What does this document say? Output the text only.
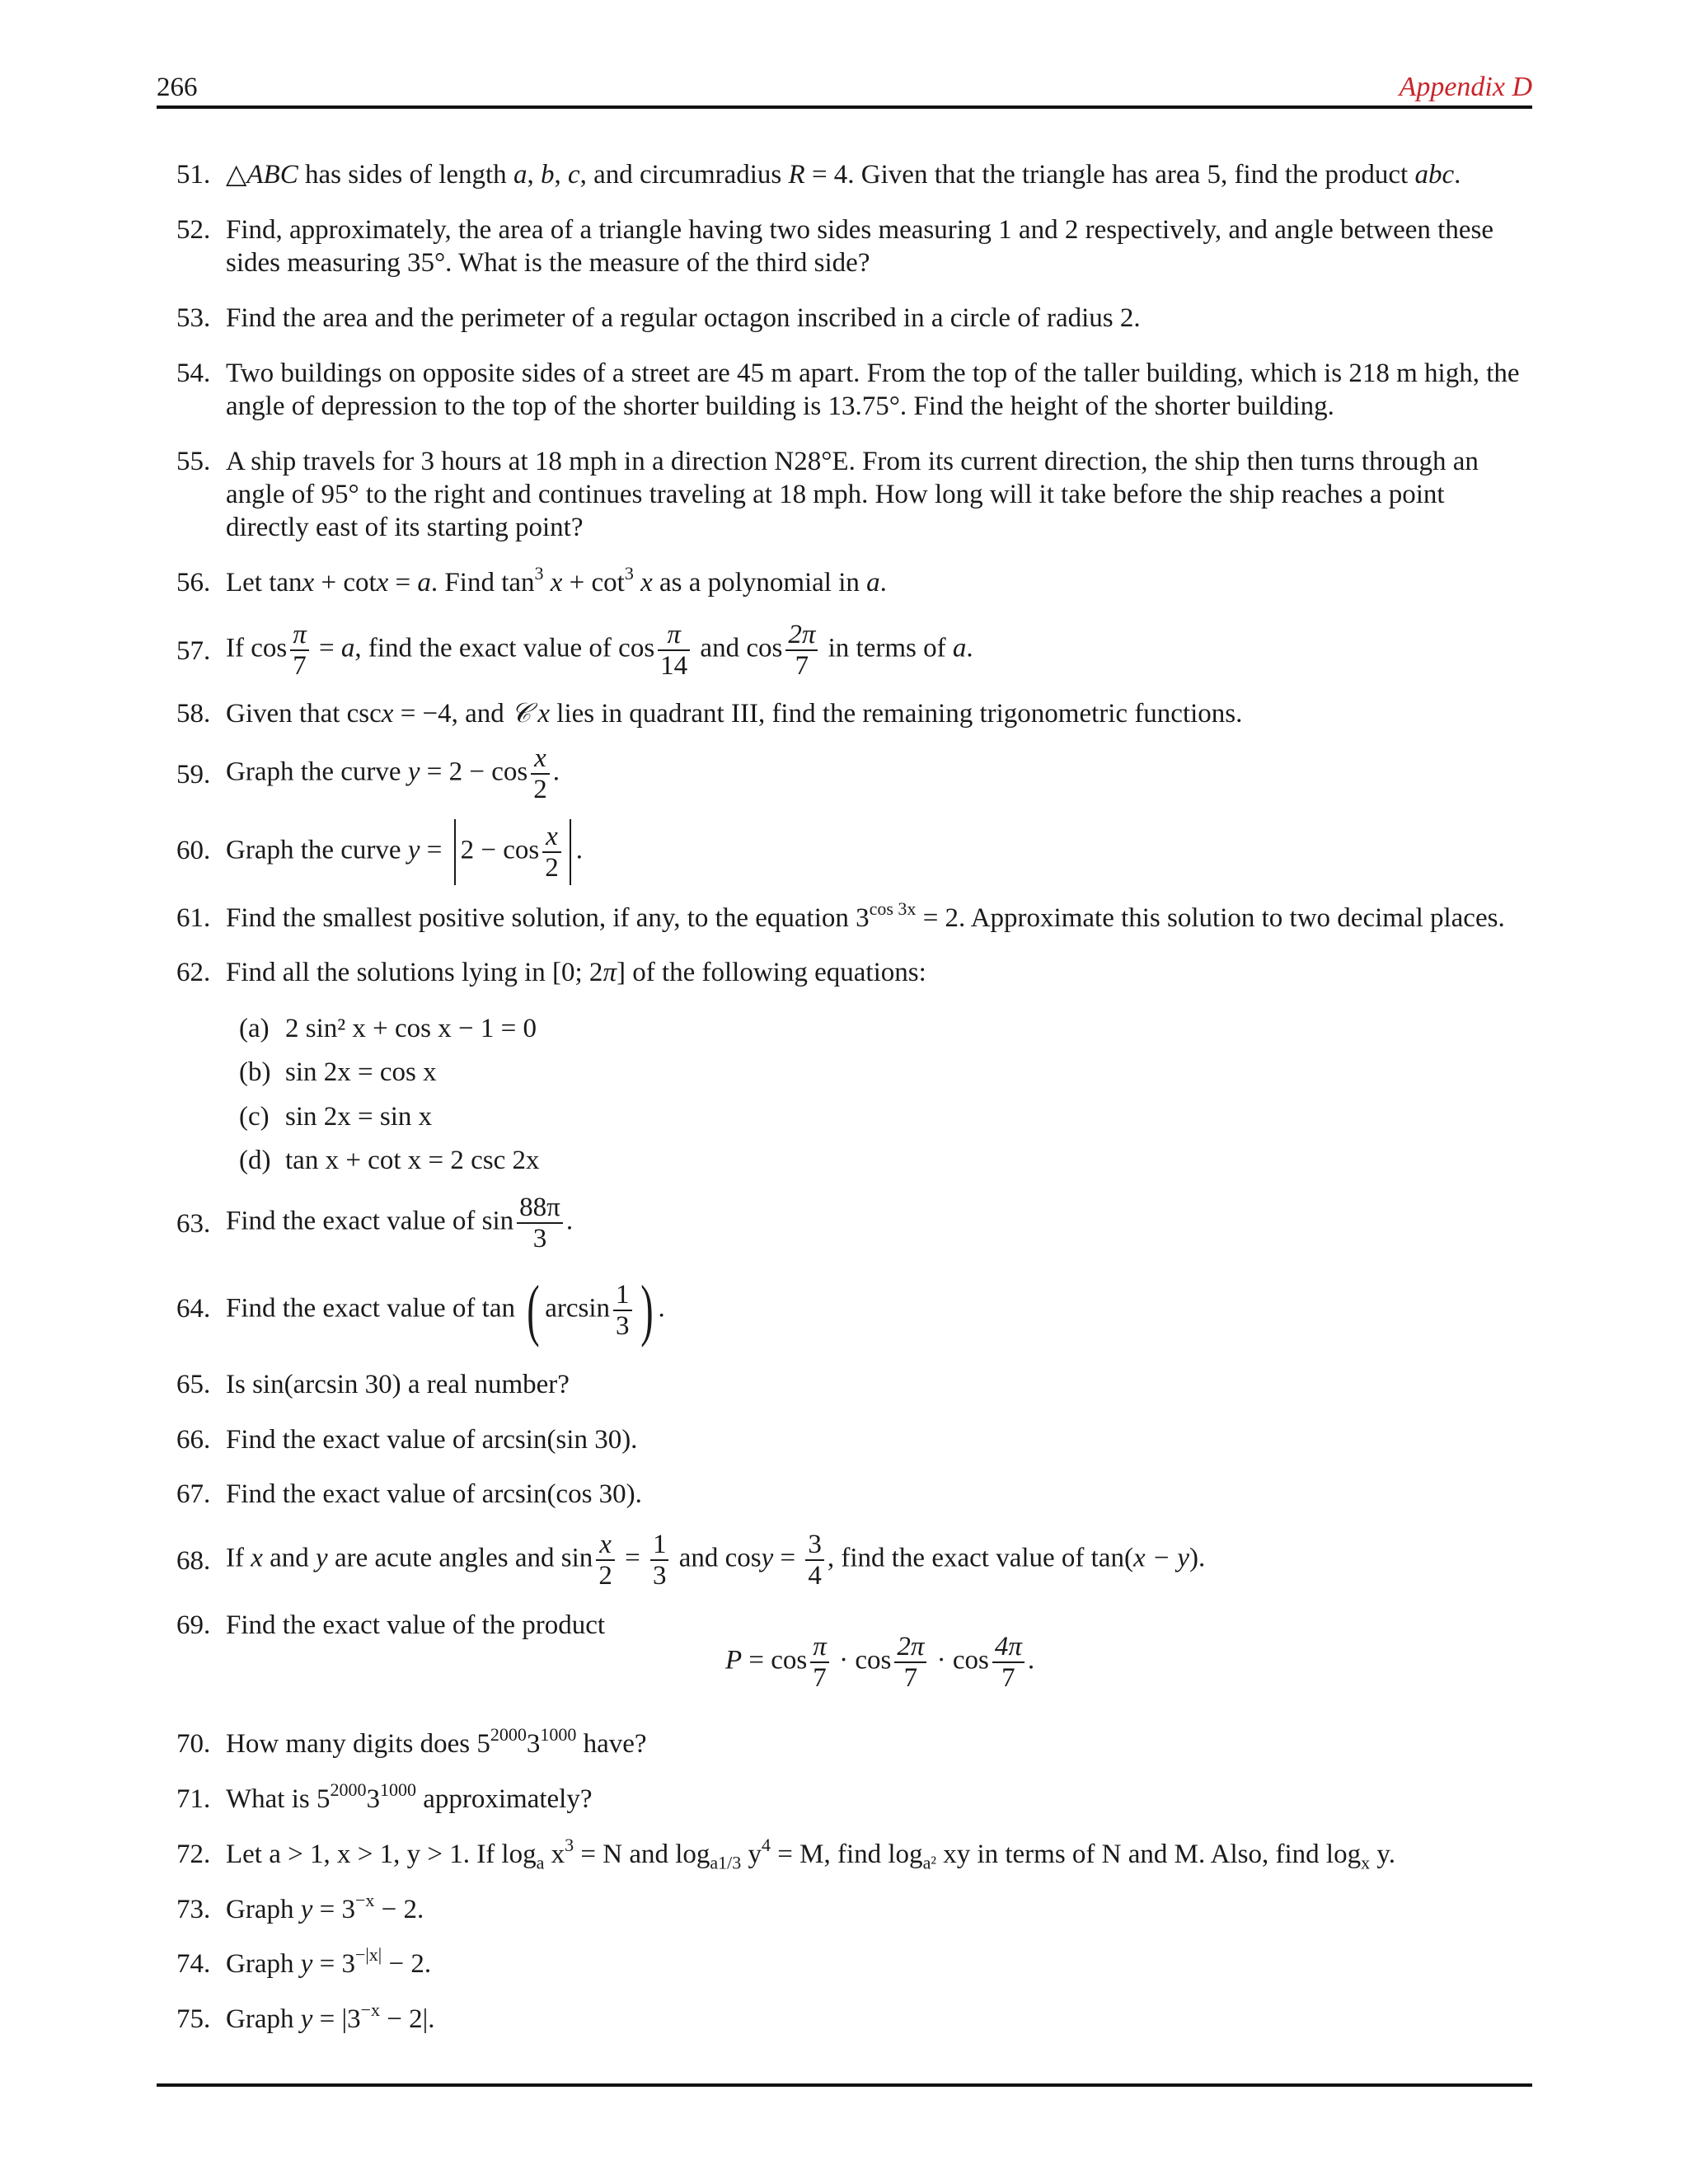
266	Appendix D
51. △ABC has sides of length a, b, c, and circumradius R = 4. Given that the triangle has area 5, find the product abc.
52. Find, approximately, the area of a triangle having two sides measuring 1 and 2 respectively, and angle between these
sides measuring 35°. What is the measure of the third side?
53. Find the area and the perimeter of a regular octagon inscribed in a circle of radius 2.
54. Two buildings on opposite sides of a street are 45 m apart. From the top of the taller building, which is 218 m high, the
angle of depression to the top of the shorter building is 13.75°. Find the height of the shorter building.
55. A ship travels for 3 hours at 18 mph in a direction N28°E. From its current direction, the ship then turns through an
angle of 95° to the right and continues traveling at 18 mph. How long will it take before the ship reaches a point
directly east of its starting point?
56. Let tanx + cotx = a. Find $\tan^3 x + \cot^3 x$ as a polynomial in a.
57. If $\cos \frac{\pi}{7} = a$, find the exact value of $\cos \frac{\pi}{14}$ and $\cos \frac{2\pi}{7}$ in terms of a.
58. Given that cscx = −4, and 𝒞 x lies in quadrant III, find the remaining trigonometric functions.
59. Graph the curve $y = 2 - \cos \frac{x}{2}$ .
60. Graph the curve $y = 2 - \cos \frac{x}{2}$ .
61. Find the smallest positive solution, if any, to the equation $3^{cos 3x} = 2$. Approximate this solution to two decimal places.
62. Find all the solutions lying in [0; 2π] of the following equations:
(a) 2 sin² x + cos x − 1 = 0
(b) sin 2x = cos x
(c) sin 2x = sin x
(d) tan x + cot x = 2 csc 2x
63. Find the exact value of $\sin \frac{88\pi}{3}$ .
64. Find the exact value of tan ( $\arcsin \frac{1}{3}$ ) .
65. Is sin(arcsin 30) a real number?
66. Find the exact value of arcsin(sin 30).
67. Find the exact value of arcsin(cos 30).
68. If x and y are acute angles and $\sin \frac{x}{2} = \frac{1}{3}$ and $\cos y = \frac{3}{4}$ , find the exact value of tan(x − y).
69. Find the exact value of the product
$P = \cos \frac{\pi}{7} \cdot \cos \frac{2\pi}{7} \cdot \cos \frac{4\pi}{7}$ .
70. How many digits does $5^{2000}3^{1000}$ have?
71. What is $5^{2000}3^{1000}$ approximately?
72. Let a > 1, x > 1, y > 1. If $\log_a x^3 = N$ and $\log_{a1/3} y^4 = M$, find $\log_{a^2}$ xy in terms of N and M. Also, find $\log_x y$.
73. Graph $y = 3^{-x} - 2$.
74. Graph $y = 3^{-|x|} - 2$.
75. Graph $y = |3^{-x} - 2|$.
